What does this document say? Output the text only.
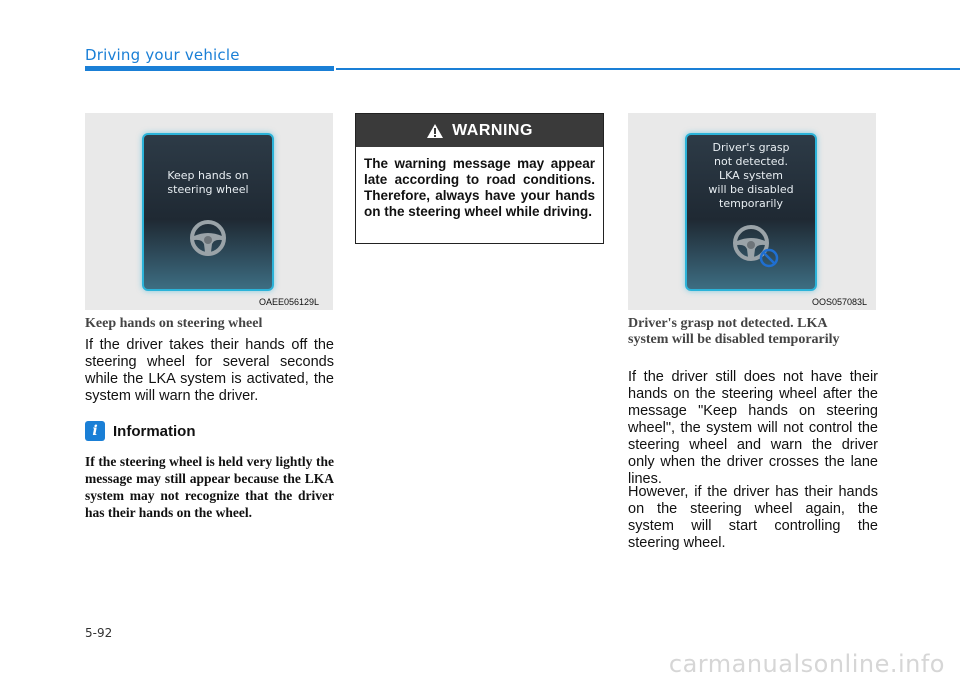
Driving your vehicle
Keep hands on
steering wheel
OAEE056129L
WARNING
The warning message may appear late according to road conditions. Therefore, always have your hands on the steering wheel while driving.
Driver's grasp
not detected.
LKA system
will be disabled
temporarily
OOS057083L
Keep hands on steering wheel
If the driver takes their hands off the steering wheel for several seconds while the LKA system is activated, the system will warn the driver.
i	Information
If the steering wheel is held very lightly the message may still appear because the LKA system may not recognize that the driver has their hands on the wheel.
Driver's grasp not detected. LKA system will be disabled temporarily
If the driver still does not have their hands on the steering wheel after the message "Keep hands on steering wheel", the system will not control the steering wheel and warn the driver only when the driver crosses the lane lines.
However, if the driver has their hands on the steering wheel again, the system will start controlling the steering wheel.
5-92
carmanualsonline.info
